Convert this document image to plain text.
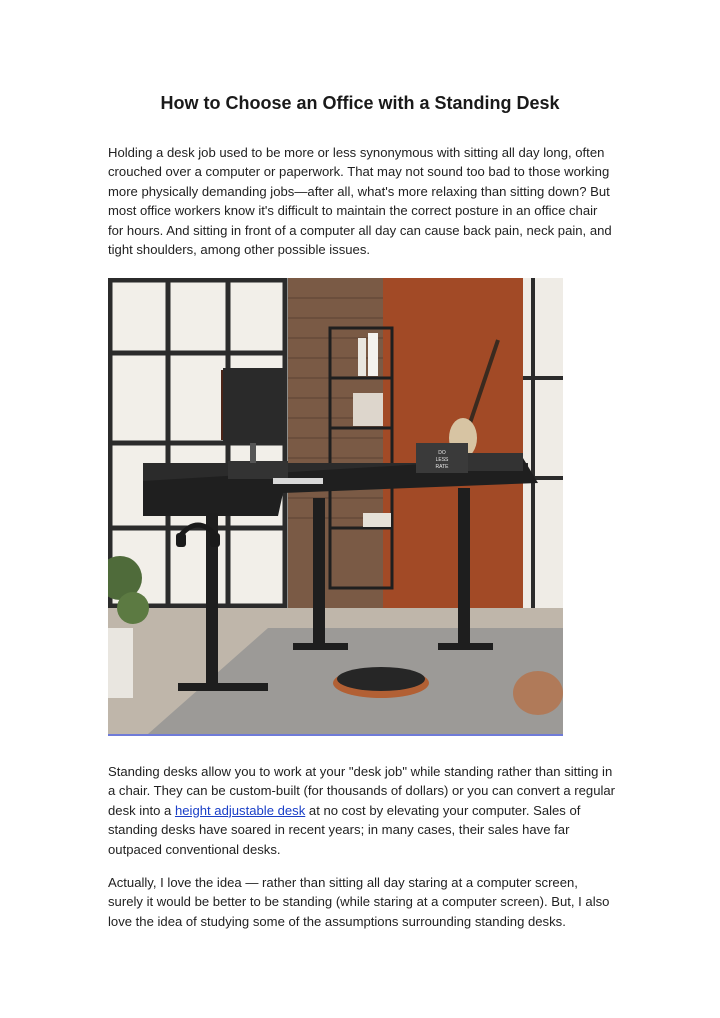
How to Choose an Office with a Standing Desk

Holding a desk job used to be more or less synonymous with sitting all day long, often crouched over a computer or paperwork. That may not sound too bad to those working more physically demanding jobs—after all, what's more relaxing than sitting down? But most office workers know it's difficult to maintain the correct posture in an office chair for hours. And sitting in front of a computer all day can cause back pain, neck pain, and tight shoulders, among other possible issues.

DO
LESS
RATE

Standing desks allow you to work at your "desk job" while standing rather than sitting in a chair. They can be custom-built (for thousands of dollars) or you can convert a regular desk into a height adjustable desk at no cost by elevating your computer. Sales of standing desks have soared in recent years; in many cases, their sales have far outpaced conventional desks.

Actually, I love the idea — rather than sitting all day staring at a computer screen, surely it would be better to be standing (while staring at a computer screen). But, I also love the idea of studying some of the assumptions surrounding standing desks.
